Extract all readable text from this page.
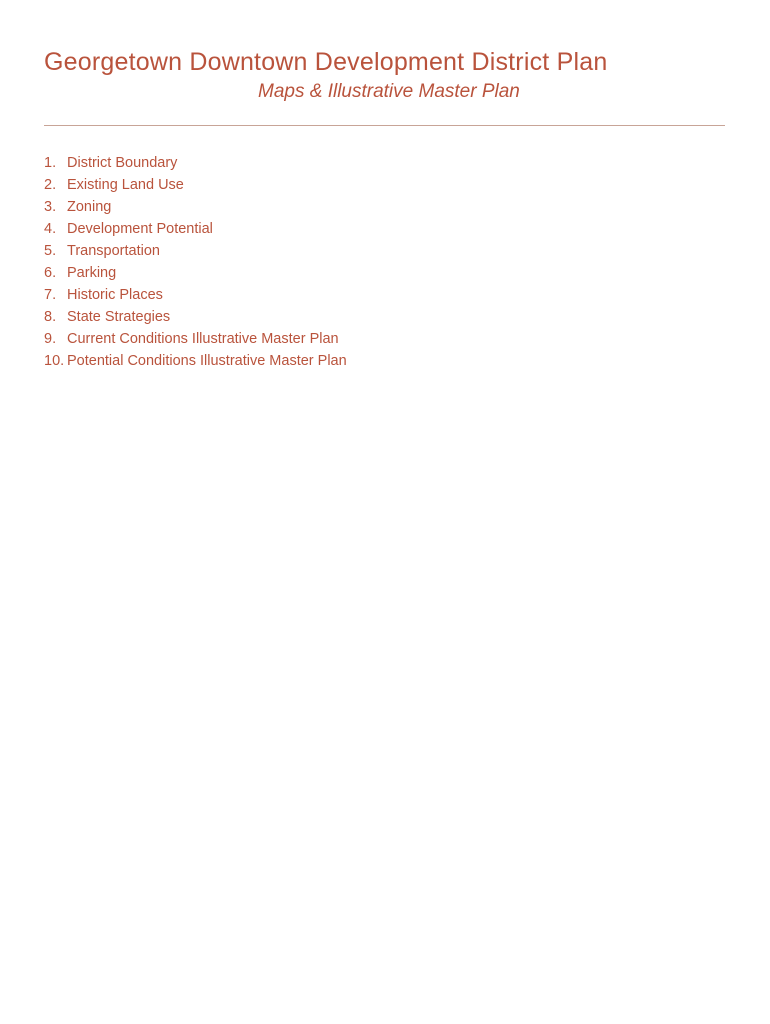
Georgetown Downtown Development District Plan
Maps & Illustrative Master Plan
1. District Boundary
2. Existing Land Use
3. Zoning
4. Development Potential
5. Transportation
6. Parking
7. Historic Places
8. State Strategies
9. Current Conditions Illustrative Master Plan
10. Potential Conditions Illustrative Master Plan
